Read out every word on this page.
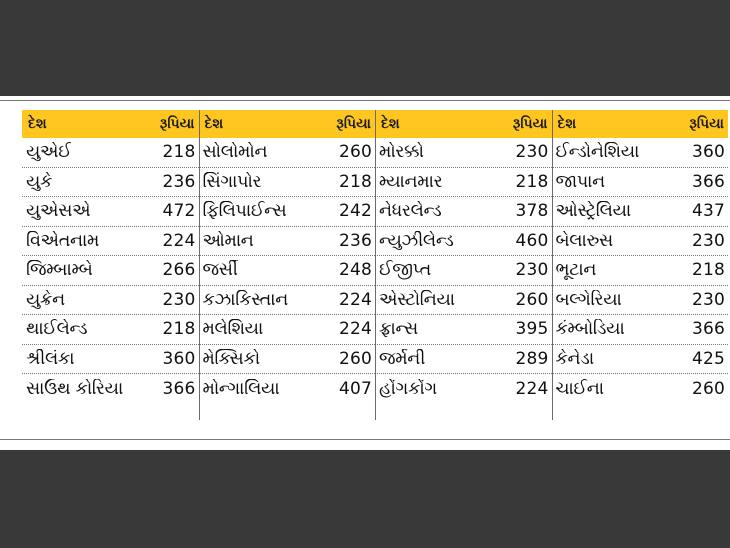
દેશ	રૂપિયા
યુએઈ	218
યુકે	236
યુએસએ	472
વિએતનામ	224
જિમ્બામ્બે	266
યુક્રેન	230
થાઈલેન્ડ	218
શ્રીલંકા	360
સાઉથ કોરિયા 366
દેશ	રૂપિયા
સોલોમોન	260
સિંગાપોર	218
ફિલિપાઈન્સ	242
ઓમાન	236
જર્સી	248
કઝાકિસ્તાન	224
મલેશિયા	224
મેક્સિકો	260
મોન્ગાલિયા	407
દેશ	રૂપિયા
મોરક્કો	230
મ્યાનમાર	218
નેધરલેન્ડ	378
ન્યુઝીલેન્ડ	460
ઈજીપ્ત	230
એસ્ટોનિયા	260
ફ્રાન્સ	395
જર્મની	289
હોંગકોંગ	224
દેશ	રૂપિયા
ઈન્ડોનેશિયા	360
જાપાન	366
ઓસ્ટ્રેલિયા	437
બેલારુસ	230
ભૂટાન	218
બલ્ગેરિયા	230
કંમ્બોડિયા	366
કેનેડા	425
ચાઈના	260
